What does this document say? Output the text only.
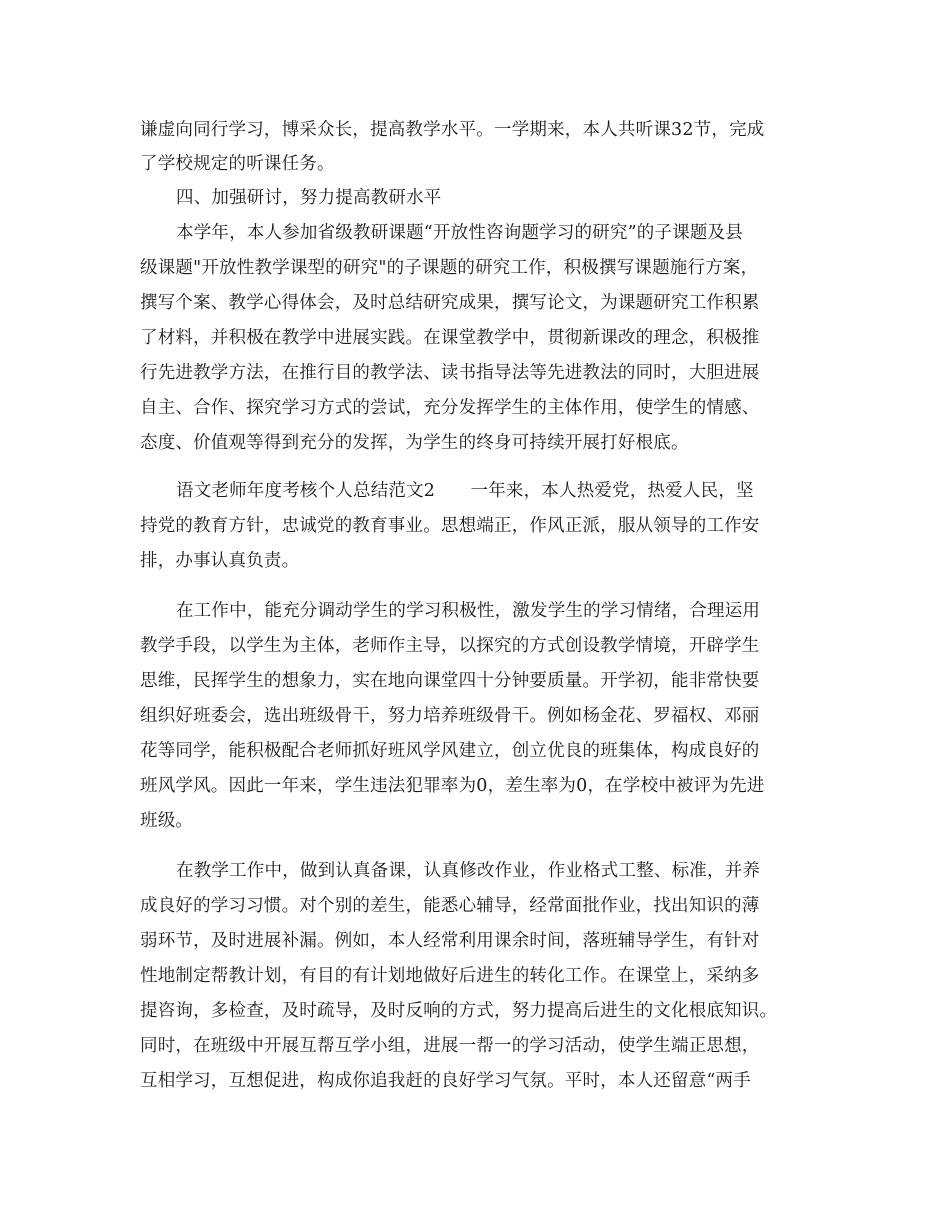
谦虚向同行学习，博采众长，提高教学水平。一学期来，本人共听课32节，完成
了学校规定的听课任务。
四、加强研讨，努力提高教研水平
本学年，本人参加省级教研课题“开放性咨询题学习的研究”的子课题及县
级课题"开放性教学课型的研究"的子课题的研究工作，积极撰写课题施行方案，
撰写个案、教学心得体会，及时总结研究成果，撰写论文，为课题研究工作积累
了材料，并积极在教学中进展实践。在课堂教学中，贯彻新课改的理念，积极推
行先进教学方法，在推行目的教学法、读书指导法等先进教法的同时，大胆进展
自主、合作、探究学习方式的尝试，充分发挥学生的主体作用，使学生的情感、
态度、价值观等得到充分的发挥，为学生的终身可持续开展打好根底。
语文老师年度考核个人总结范文2　　一年来，本人热爱党，热爱人民，坚
持党的教育方针，忠诚党的教育事业。思想端正，作风正派，服从领导的工作安
排，办事认真负责。
在工作中，能充分调动学生的学习积极性，激发学生的学习情绪，合理运用
教学手段，以学生为主体，老师作主导，以探究的方式创设教学情境，开辟学生
思维，民挥学生的想象力，实在地向课堂四十分钟要质量。开学初，能非常快要
组织好班委会，选出班级骨干，努力培养班级骨干。例如杨金花、罗福权、邓丽
花等同学，能积极配合老师抓好班风学风建立，创立优良的班集体，构成良好的
班风学风。因此一年来，学生违法犯罪率为0，差生率为0，在学校中被评为先进
班级。
在教学工作中，做到认真备课，认真修改作业，作业格式工整、标准，并养
成良好的学习习惯。对个别的差生，能悉心辅导，经常面批作业，找出知识的薄
弱环节，及时进展补漏。例如，本人经常利用课余时间，落班辅导学生，有针对
性地制定帮教计划，有目的有计划地做好后进生的转化工作。在课堂上，采纳多
提咨询，多检查，及时疏导，及时反响的方式，努力提高后进生的文化根底知识。
同时，在班级中开展互帮互学小组，进展一帮一的学习活动，使学生端正思想，
互相学习，互想促进，构成你追我赶的良好学习气氛。平时，本人还留意“两手
